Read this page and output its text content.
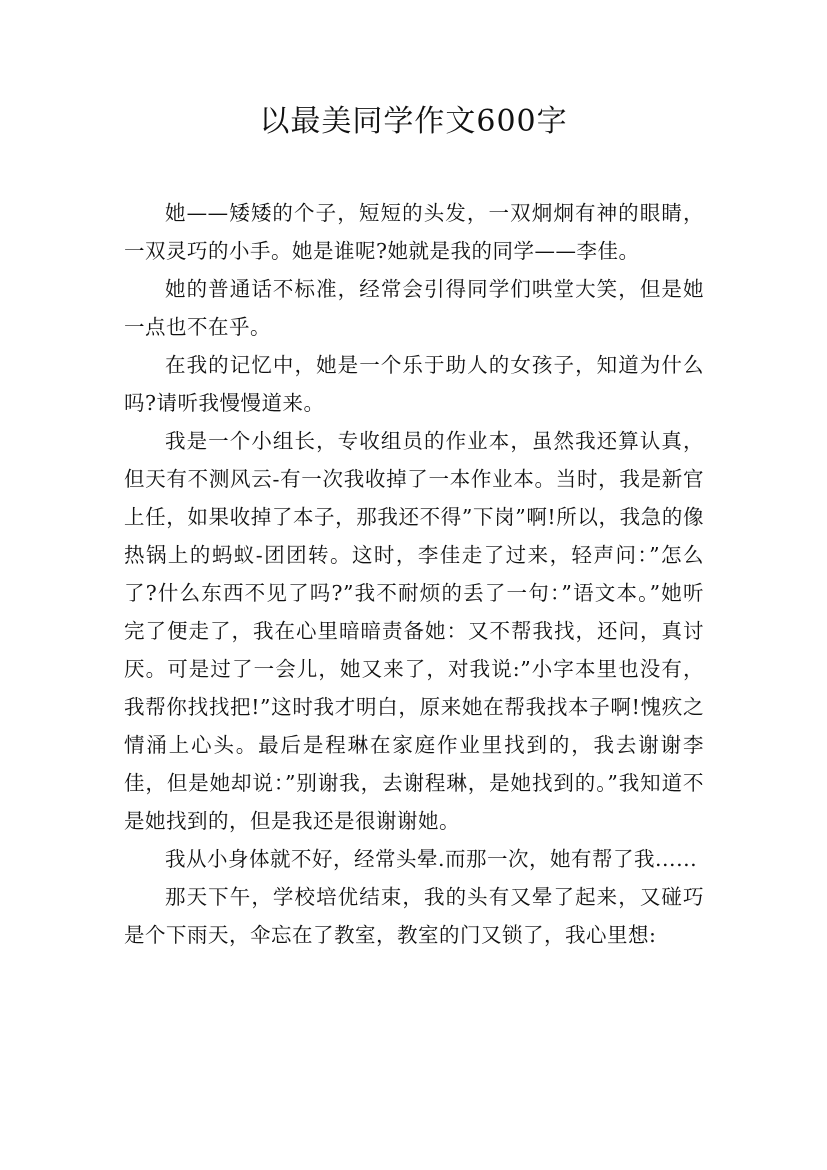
以最美同学作文600字

她——矮矮的个子，短短的头发，一双炯炯有神的眼睛，一双灵巧的小手。她是谁呢?她就是我的同学——李佳。

她的普通话不标准，经常会引得同学们哄堂大笑，但是她一点也不在乎。

在我的记忆中，她是一个乐于助人的女孩子，知道为什么吗?请听我慢慢道来。

我是一个小组长，专收组员的作业本，虽然我还算认真，但天有不测风云-有一次我收掉了一本作业本。当时，我是新官上任，如果收掉了本子，那我还不得”下岗”啊!所以，我急的像热锅上的蚂蚁-团团转。这时，李佳走了过来，轻声问：”怎么了?什么东西不见了吗?”我不耐烦的丢了一句：”语文本。”她听完了便走了，我在心里暗暗责备她：又不帮我找，还问，真讨厌。可是过了一会儿，她又来了，对我说:”小字本里也没有，我帮你找找把!”这时我才明白，原来她在帮我找本子啊!愧疚之情涌上心头。最后是程琳在家庭作业里找到的，我去谢谢李佳，但是她却说：”别谢我，去谢程琳，是她找到的。”我知道不是她找到的，但是我还是很谢谢她。

我从小身体就不好，经常头晕.而那一次，她有帮了我......

那天下午，学校培优结束，我的头有又晕了起来，又碰巧是个下雨天，伞忘在了教室，教室的门又锁了，我心里想:
